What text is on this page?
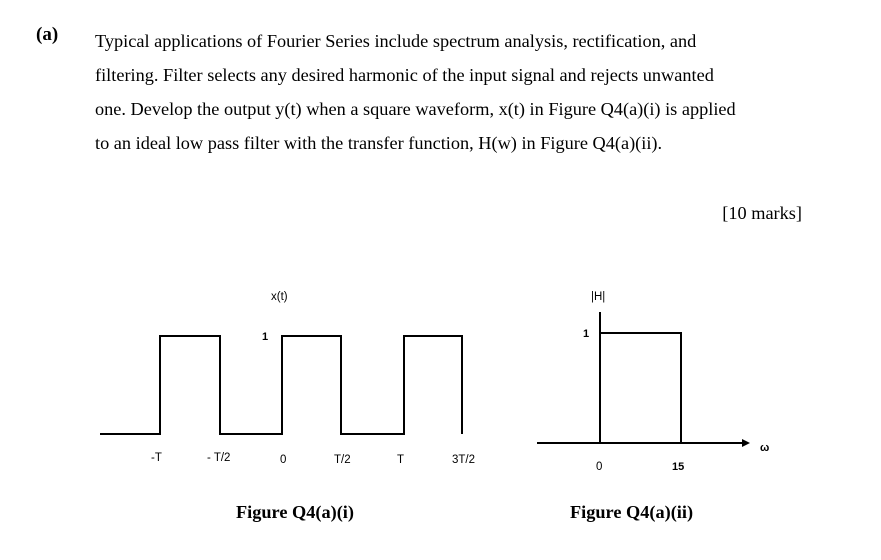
(a) Typical applications of Fourier Series include spectrum analysis, rectification, and
filtering. Filter selects any desired harmonic of the input signal and rejects unwanted
one. Develop the output y(t) when a square waveform, x(t) in Figure Q4(a)(i) is applied
to an ideal low pass filter with the transfer function, H(w) in Figure Q4(a)(ii).

[10 marks]
x(t)
1
-T	- T/2	0	T/2	T	3T/2
|H|
1
0	15
ω
Figure Q4(a)(i)	Figure Q4(a)(ii)
